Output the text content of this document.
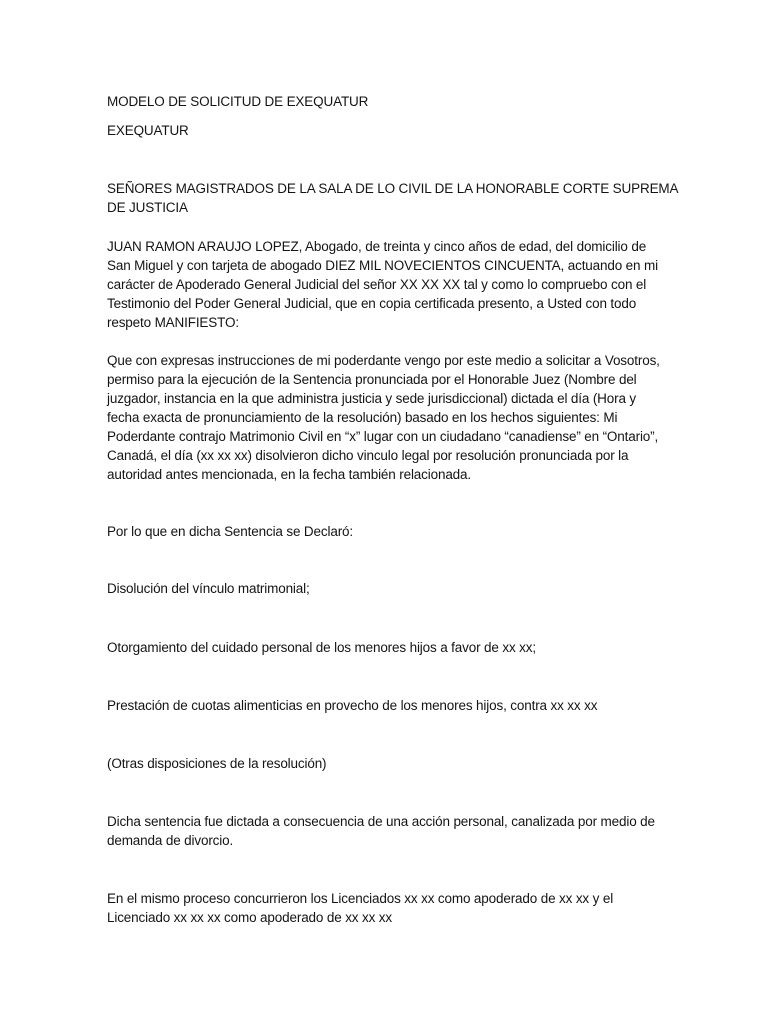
MODELO DE SOLICITUD DE EXEQUATUR
EXEQUATUR
SEÑORES MAGISTRADOS DE LA SALA DE LO CIVIL DE LA HONORABLE CORTE SUPREMA DE JUSTICIA
JUAN RAMON ARAUJO LOPEZ, Abogado, de treinta y cinco años de edad, del domicilio de San Miguel y con tarjeta de abogado DIEZ MIL NOVECIENTOS CINCUENTA, actuando en mi carácter de Apoderado General Judicial del señor XX XX XX tal y como lo compruebo con el Testimonio del Poder General Judicial, que en copia certificada presento, a Usted con todo respeto MANIFIESTO:
Que con expresas instrucciones de mi poderdante vengo por este medio a solicitar a Vosotros, permiso para la ejecución de la Sentencia pronunciada por el Honorable Juez (Nombre del juzgador, instancia en la que administra justicia y sede jurisdiccional) dictada el día (Hora y fecha exacta de pronunciamiento de la resolución) basado en los hechos siguientes: Mi Poderdante contrajo Matrimonio Civil en “x” lugar con un ciudadano “canadiense” en “Ontario”, Canadá, el día (xx xx xx) disolvieron dicho vinculo legal por resolución pronunciada por la autoridad antes mencionada, en la fecha también relacionada.
Por lo que en dicha Sentencia se Declaró:
Disolución del vínculo matrimonial;
Otorgamiento del cuidado personal de los menores hijos a favor de xx xx;
Prestación de cuotas alimenticias en provecho de los menores hijos, contra xx xx xx
(Otras disposiciones de la resolución)
Dicha sentencia fue dictada a consecuencia de una acción personal, canalizada por medio de demanda de divorcio.
En el mismo proceso concurrieron los Licenciados xx xx como apoderado de xx xx y el Licenciado xx xx xx como apoderado de xx xx xx
